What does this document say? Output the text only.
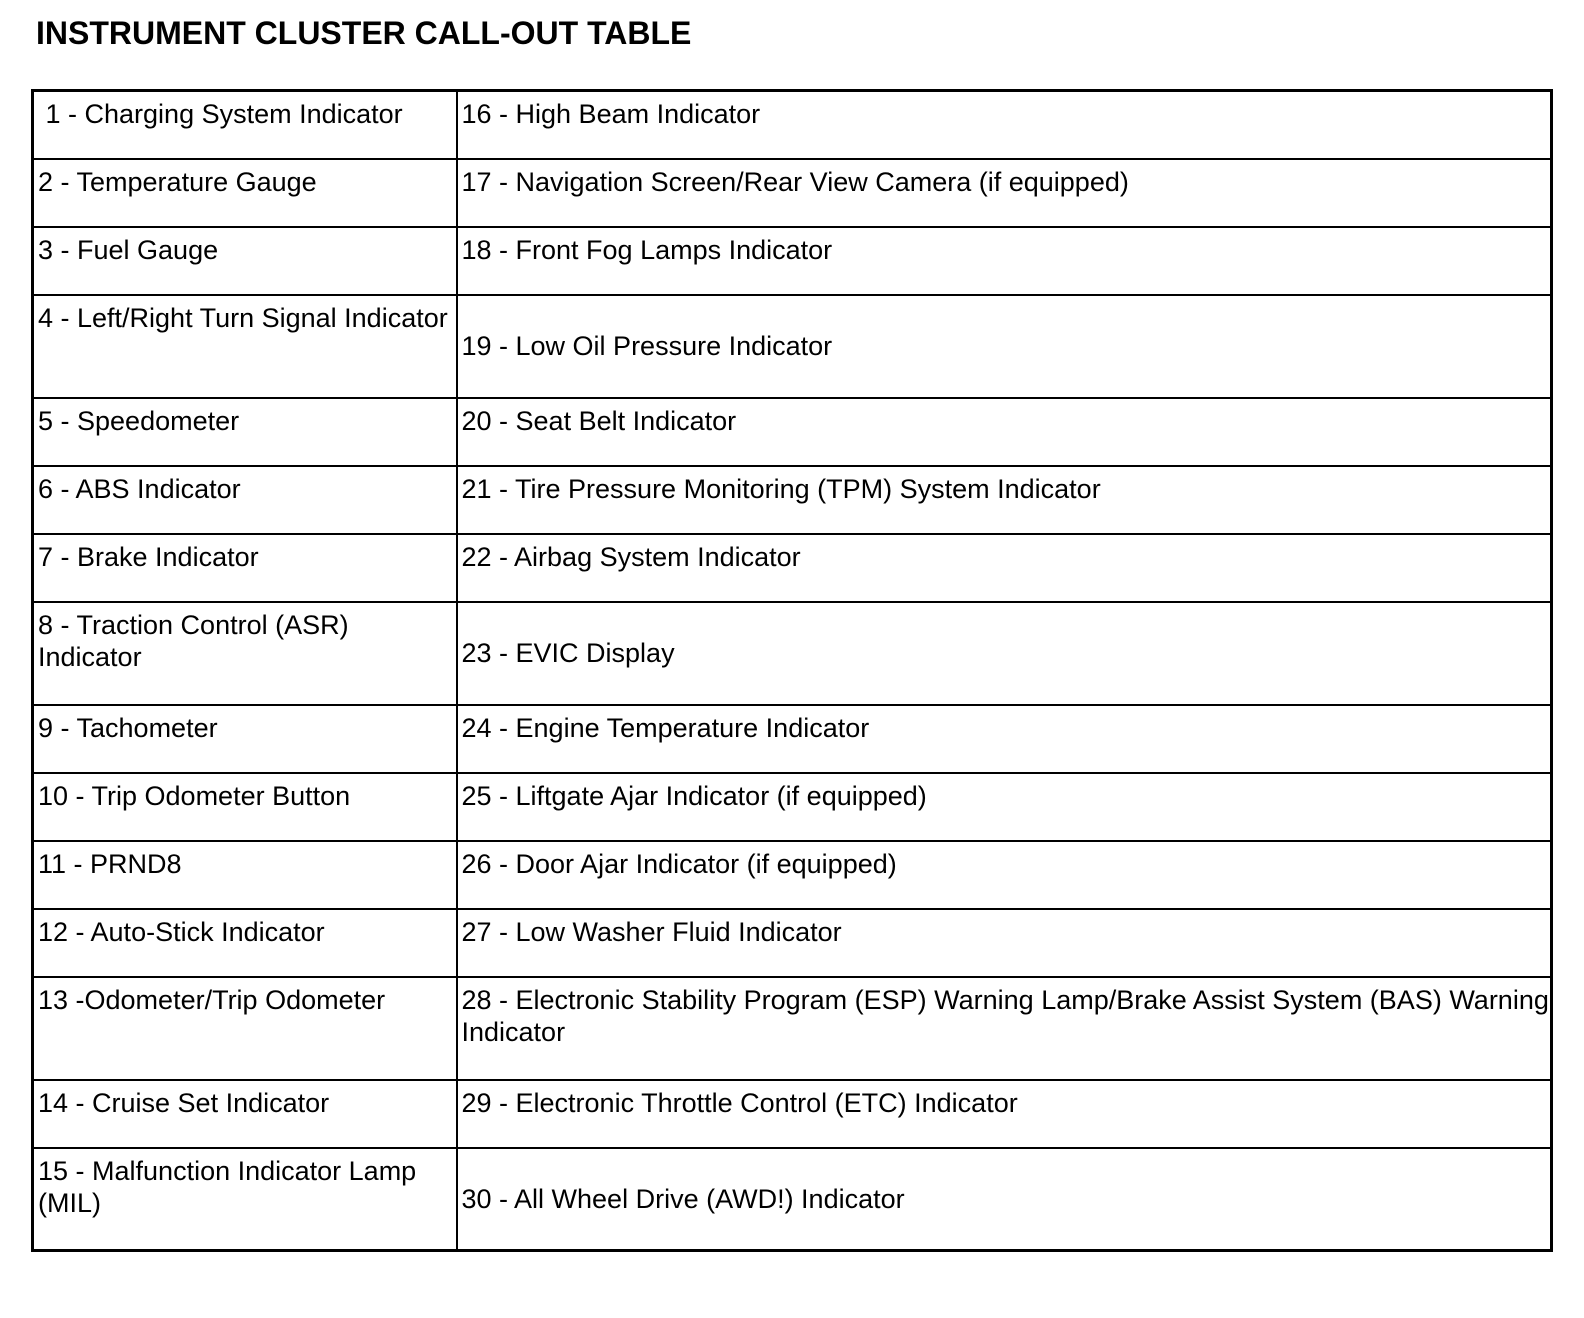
INSTRUMENT CLUSTER CALL-OUT TABLE
1 - Charging System Indicator	16 - High Beam Indicator
2 - Temperature Gauge	17 - Navigation Screen/Rear View Camera (if equipped)
3 - Fuel Gauge	18 - Front Fog Lamps Indicator
4 - Left/Right Turn Signal Indicator	19 - Low Oil Pressure Indicator
5 - Speedometer	20 - Seat Belt Indicator
6 - ABS Indicator	21 - Tire Pressure Monitoring (TPM) System Indicator
7 - Brake Indicator	22 - Airbag System Indicator
8 - Traction Control (ASR) Indicator	23 - EVIC Display
9 - Tachometer	24 - Engine Temperature Indicator
10 - Trip Odometer Button	25 - Liftgate Ajar Indicator (if equipped)
11 - PRND8	26 - Door Ajar Indicator (if equipped)
12 - Auto-Stick Indicator	27 - Low Washer Fluid Indicator
13 -Odometer/Trip Odometer	28 - Electronic Stability Program (ESP) Warning Lamp/Brake Assist System (BAS) Warning Indicator
14 - Cruise Set Indicator	29 - Electronic Throttle Control (ETC) Indicator
15 - Malfunction Indicator Lamp (MIL)	30 - All Wheel Drive (AWD!) Indicator
